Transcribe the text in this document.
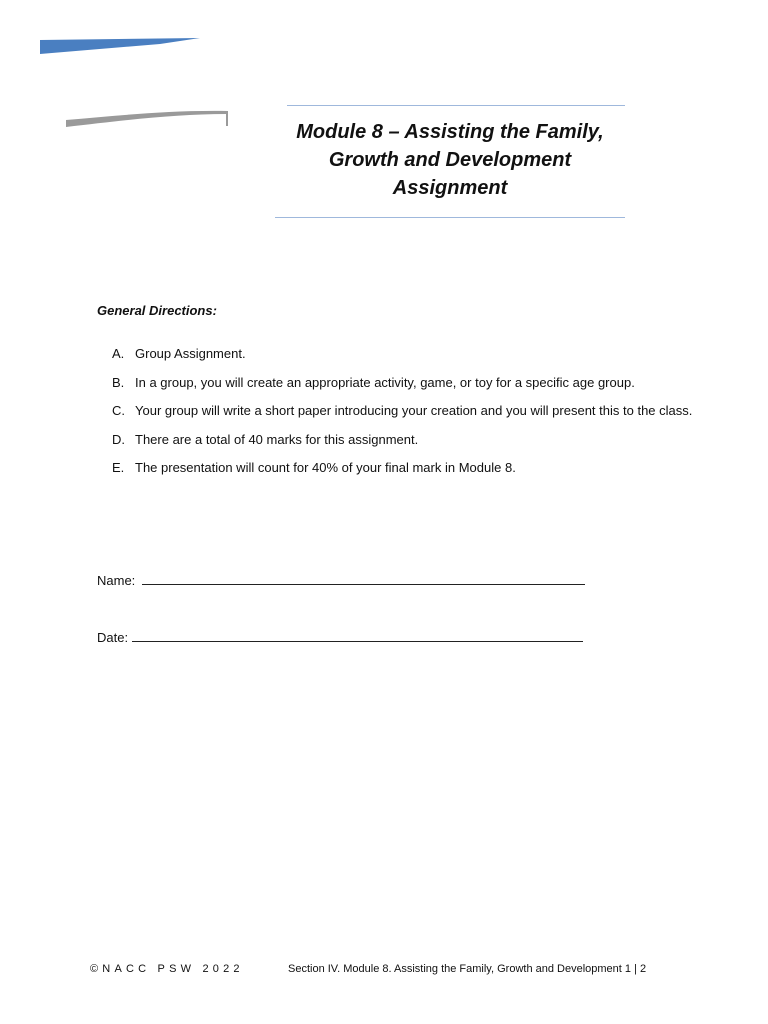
Module 8 – Assisting the Family,
Growth and Development
Assignment
General Directions:
A. Group Assignment.
B. In a group, you will create an appropriate activity, game, or toy for a specific age group.
C. Your group will write a short paper introducing your creation and you will present this to the class.
D. There are a total of 40 marks for this assignment.
E. The presentation will count for 40% of your final mark in Module 8.
Name:
Date:
©NACC PSW 2022	Section IV. Module 8. Assisting the Family, Growth and Development 1 | 2
